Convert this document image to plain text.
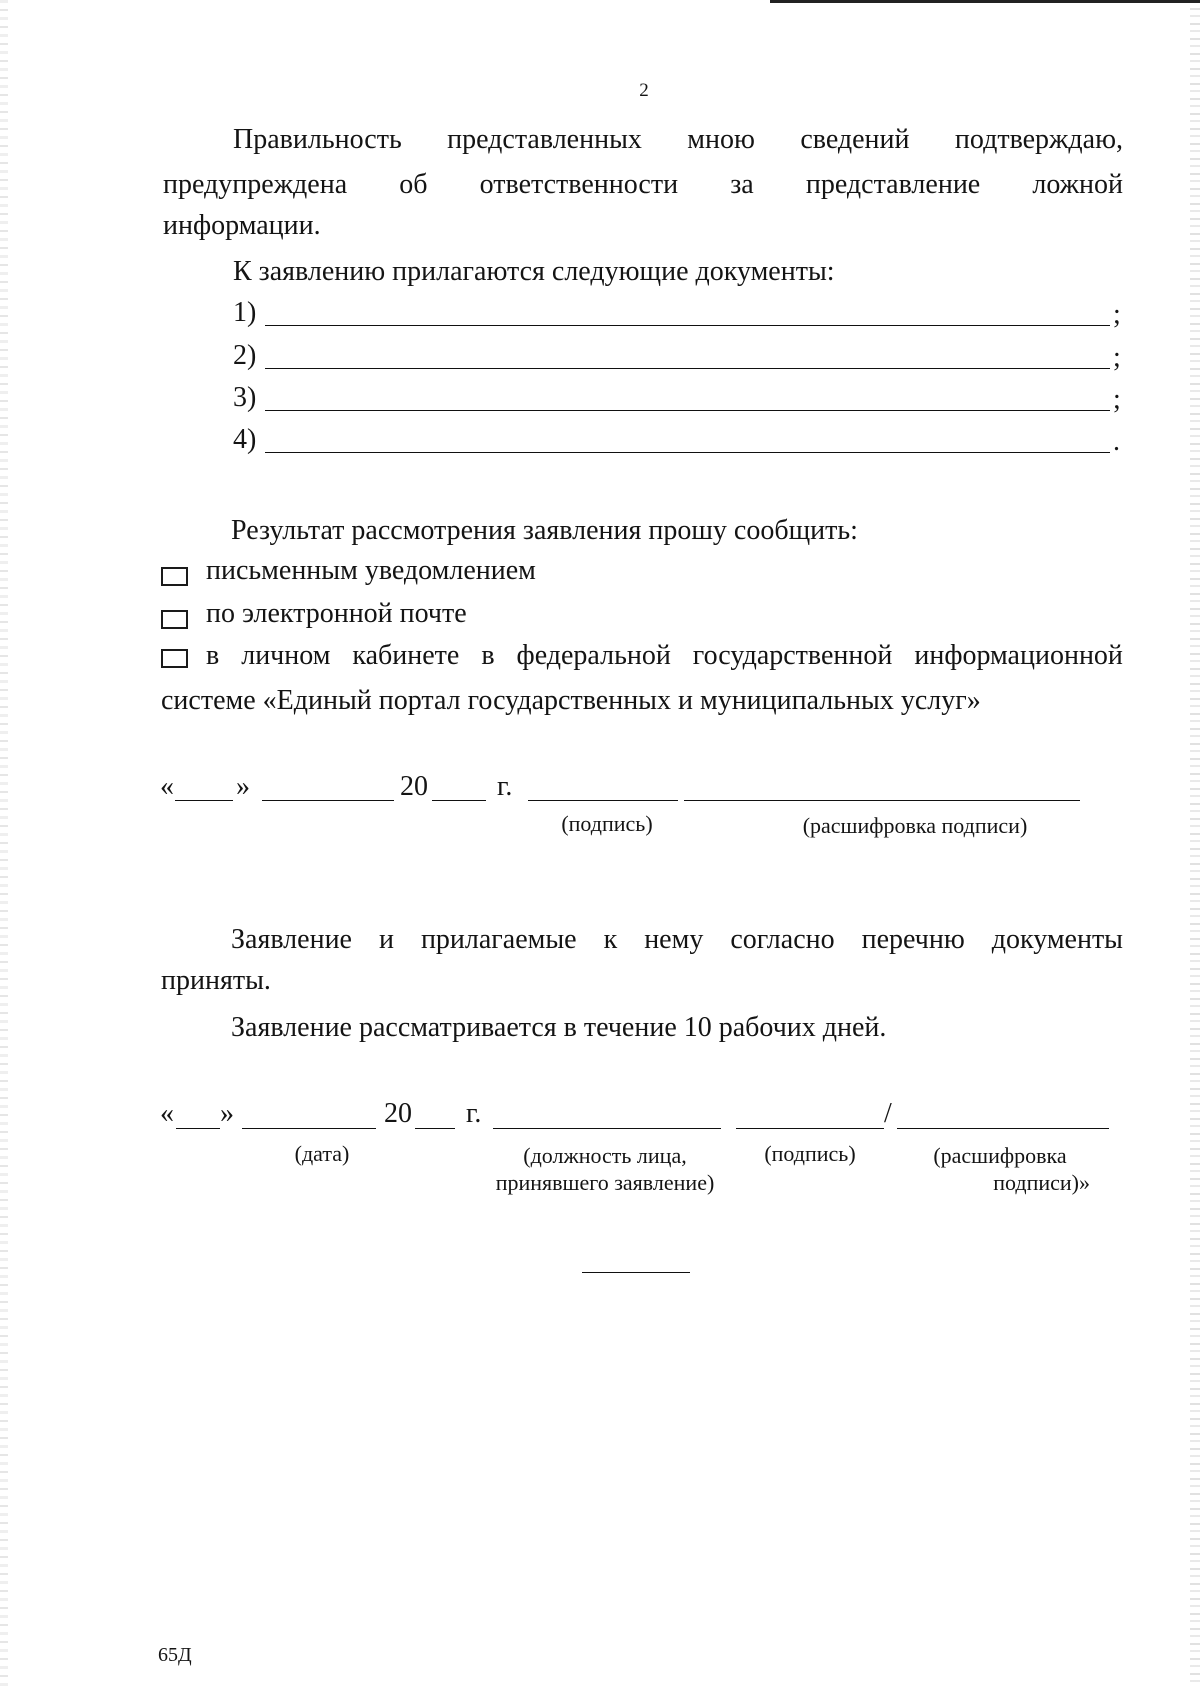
2
Правильность представленных мною сведений подтверждаю,
предупреждена об ответственности за представление ложной
информации.
К заявлению прилагаются следующие документы:
1)	;
2)	;
3)	;
4)	.
Результат рассмотрения заявления прошу сообщить:
письменным уведомлением
по электронной почте
в личном кабинете в федеральной государственной информационной
системе «Единый портал государственных и муниципальных услуг»
« »	20 г.
(подпись)	(расшифровка подписи)
Заявление и прилагаемые к нему согласно перечню документы
приняты.
Заявление рассматривается в течение 10 рабочих дней.
« »	20 г.	/
(дата)	(должность лица,
принявшего заявление)
(подпись)	(расшифровка
подписи)»
65Д
